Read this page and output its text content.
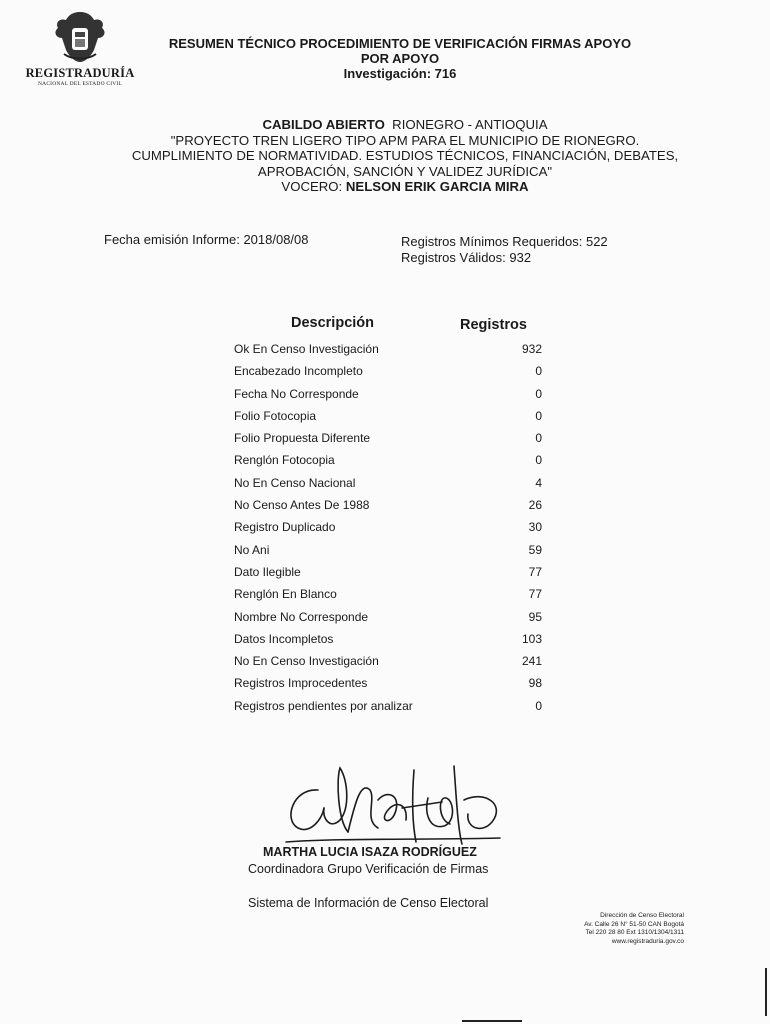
REGISTRADURÍA
NACIONAL DEL ESTADO CIVIL
RESUMEN TÉCNICO PROCEDIMIENTO DE VERIFICACIÓN FIRMAS APOYO
POR APOYO
Investigación: 716
CABILDO ABIERTO RIONEGRO - ANTIOQUIA
"PROYECTO TREN LIGERO TIPO APM PARA EL MUNICIPIO DE RIONEGRO.
CUMPLIMIENTO DE NORMATIVIDAD. ESTUDIOS TÉCNICOS, FINANCIACIÓN, DEBATES,
APROBACIÓN, SANCIÓN Y VALIDEZ JURÍDICA"
VOCERO: NELSON ERIK GARCIA MIRA
Fecha emisión Informe: 2018/08/08	Registros Mínimos Requeridos: 522
Registros Válidos: 932
Descripción	Registros
Ok En Censo Investigación	932
Encabezado Incompleto	0
Fecha No Corresponde	0
Folio Fotocopia	0
Folio Propuesta Diferente	0
Renglón Fotocopia	0
No En Censo Nacional	4
No Censo Antes De 1988	26
Registro Duplicado	30
No Ani	59
Dato Ilegible	77
Renglón En Blanco	77
Nombre No Corresponde	95
Datos Incompletos	103
No En Censo Investigación	241
Registros Improcedentes	98
Registros pendientes por analizar	0
MARTHA LUCIA ISAZA RODRÍGUEZ
Coordinadora Grupo Verificación de Firmas
Sistema de Información de Censo Electoral
Dirección de Censo Electoral
Av. Calle 26 N° 51-50 CAN Bogotá
Tel 220 28 80 Ext 1310/1304/1311
www.registraduria.gov.co
